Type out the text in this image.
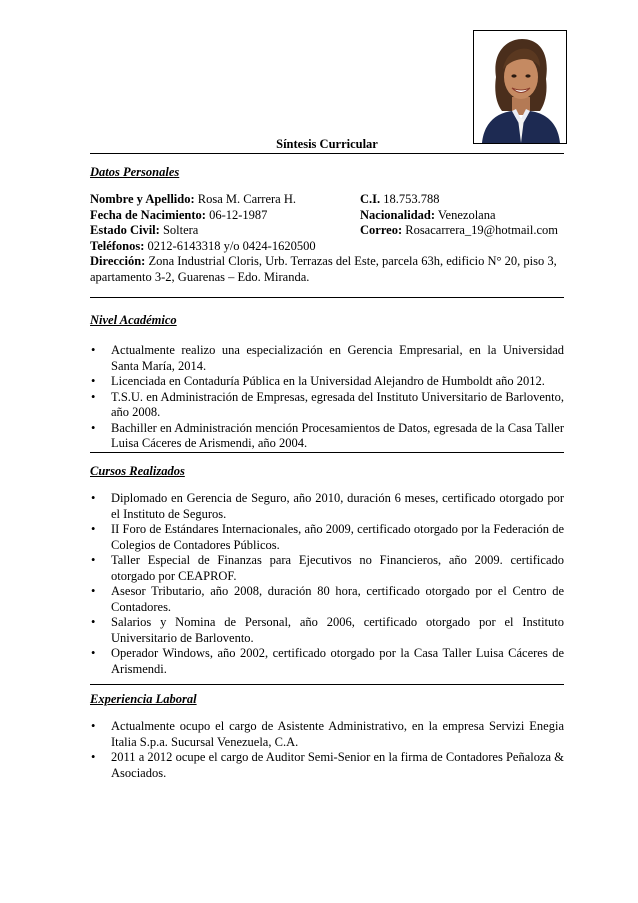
Síntesis Curricular
Datos Personales
Nombre y Apellido: Rosa M. Carrera H.	C.I. 18.753.788
Fecha de Nacimiento: 06-12-1987	Nacionalidad: Venezolana
Estado Civil: Soltera	Correo: Rosacarrera_19@hotmail.com
Teléfonos: 0212-6143318 y/o 0424-1620500
Dirección: Zona Industrial Cloris, Urb. Terrazas del Este, parcela 63h, edificio N° 20, piso 3, apartamento 3-2, Guarenas – Edo. Miranda.
Nivel Académico
• Actualmente realizo una especialización en Gerencia Empresarial, en la Universidad Santa María, 2014.
• Licenciada en Contaduría Pública en la Universidad Alejandro de Humboldt año 2012.
• T.S.U. en Administración de Empresas, egresada del Instituto Universitario de Barlovento, año 2008.
• Bachiller en Administración mención Procesamientos de Datos, egresada de la Casa Taller Luisa Cáceres de Arismendi, año 2004.
Cursos Realizados
• Diplomado en Gerencia de Seguro, año 2010, duración 6 meses, certificado otorgado por el Instituto de Seguros.
• II Foro de Estándares Internacionales, año 2009, certificado otorgado por la Federación de Colegios de Contadores Públicos.
• Taller Especial de Finanzas para Ejecutivos no Financieros, año 2009. certificado otorgado por CEAPROF.
• Asesor Tributario, año 2008, duración 80 hora, certificado otorgado por el Centro de Contadores.
• Salarios y Nomina de Personal, año 2006, certificado otorgado por el Instituto Universitario de Barlovento.
• Operador Windows, año 2002, certificado otorgado por la Casa Taller Luisa Cáceres de Arismendi.
Experiencia Laboral
• Actualmente ocupo el cargo de Asistente Administrativo, en la empresa Servizi Enegia Italia S.p.a. Sucursal Venezuela, C.A.
• 2011 a 2012 ocupe el cargo de Auditor Semi-Senior en la firma de Contadores Peñaloza & Asociados.
